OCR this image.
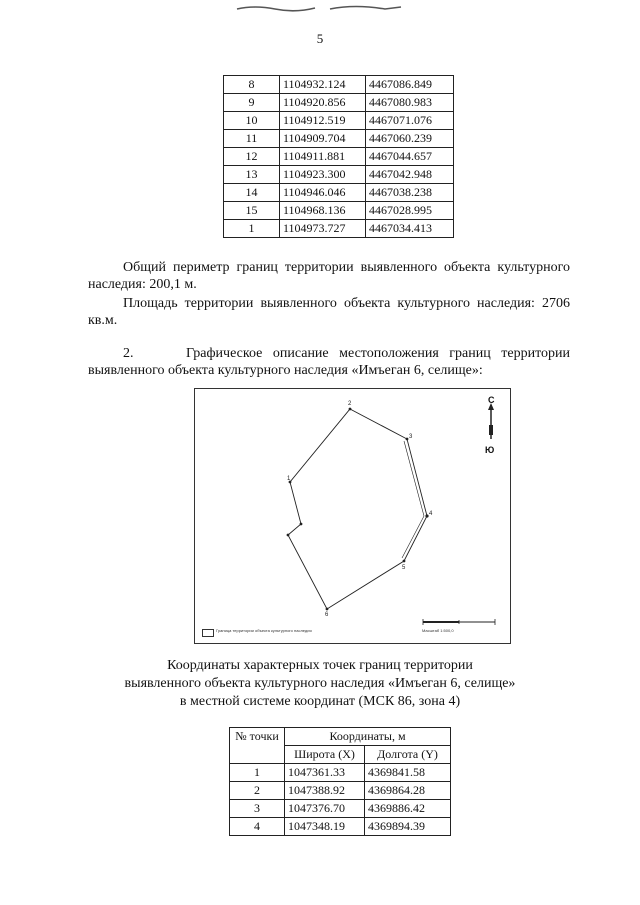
5
8	1104932.124	4467086.849
9	1104920.856	4467080.983
10	1104912.519	4467071.076
11	1104909.704	4467060.239
12	1104911.881	4467044.657
13	1104923.300	4467042.948
14	1104946.046	4467038.238
15	1104968.136	4467028.995
1	1104973.727	4467034.413
Общий периметр границ территории выявленного объекта культурного наследия: 200,1 м.
Площадь территории выявленного объекта культурного наследия: 2706 кв.м.
2.     Графическое описание местоположения границ территории выявленного объекта культурного наследия «Имъеган 6, селище»:
1
2
3
4
5
6
С
Ю
Граница территории объекта культурного наследия	Масштаб 1:500,0
Координаты характерных точек границ территории
выявленного объекта культурного наследия «Имъеган 6, селище»
в местной системе координат (МСК 86, зона 4)
№ точки	Координаты, м	
	Широта (X)	Долгота (Y)
1	1047361.33	4369841.58
2	1047388.92	4369864.28
3	1047376.70	4369886.42
4	1047348.19	4369894.39
